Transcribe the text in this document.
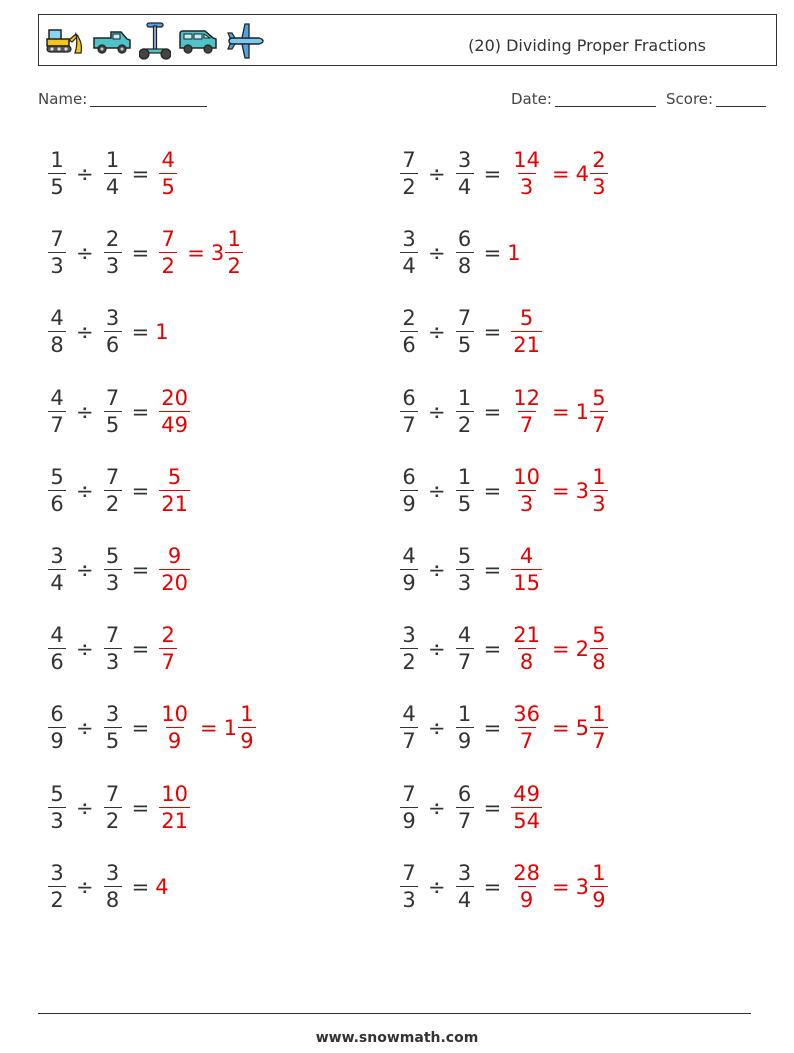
(20) Dividing Proper Fractions
Name:	Date:	Score:
$\frac{1}{5} \div \frac{1}{4} = \frac{4}{5}$	$\frac{7}{2} \div \frac{3}{4} = \frac{14}{3} = 4 \frac{2}{3}$
$\frac{7}{3} \div \frac{2}{3} = \frac{7}{2} = 3 \frac{1}{2}$	$\frac{3}{4} \div \frac{6}{8} = 1$
$\frac{4}{8} \div \frac{3}{6} = 1$	$\frac{2}{6} \div \frac{7}{5} = \frac{5}{21}$
$\frac{4}{7} \div \frac{7}{5} = \frac{20}{49}$	$\frac{6}{7} \div \frac{1}{2} = \frac{12}{7} = 1 \frac{5}{7}$
$\frac{5}{6} \div \frac{7}{2} = \frac{5}{21}$	$\frac{6}{9} \div \frac{1}{5} = \frac{10}{3} = 3 \frac{1}{3}$
$\frac{3}{4} \div \frac{5}{3} = \frac{9}{20}$	$\frac{4}{9} \div \frac{5}{3} = \frac{4}{15}$
$\frac{4}{6} \div \frac{7}{3} = \frac{2}{7}$	$\frac{3}{2} \div \frac{4}{7} = \frac{21}{8} = 2 \frac{5}{8}$
$\frac{6}{9} \div \frac{3}{5} = \frac{10}{9} = 1 \frac{1}{9}$	$\frac{4}{7} \div \frac{1}{9} = \frac{36}{7} = 5 \frac{1}{7}$
$\frac{5}{3} \div \frac{7}{2} = \frac{10}{21}$	$\frac{7}{9} \div \frac{6}{7} = \frac{49}{54}$
$\frac{3}{2} \div \frac{3}{8} = 4$	$\frac{7}{3} \div \frac{3}{4} = \frac{28}{9} = 3 \frac{1}{9}$
www.snowmath.com
